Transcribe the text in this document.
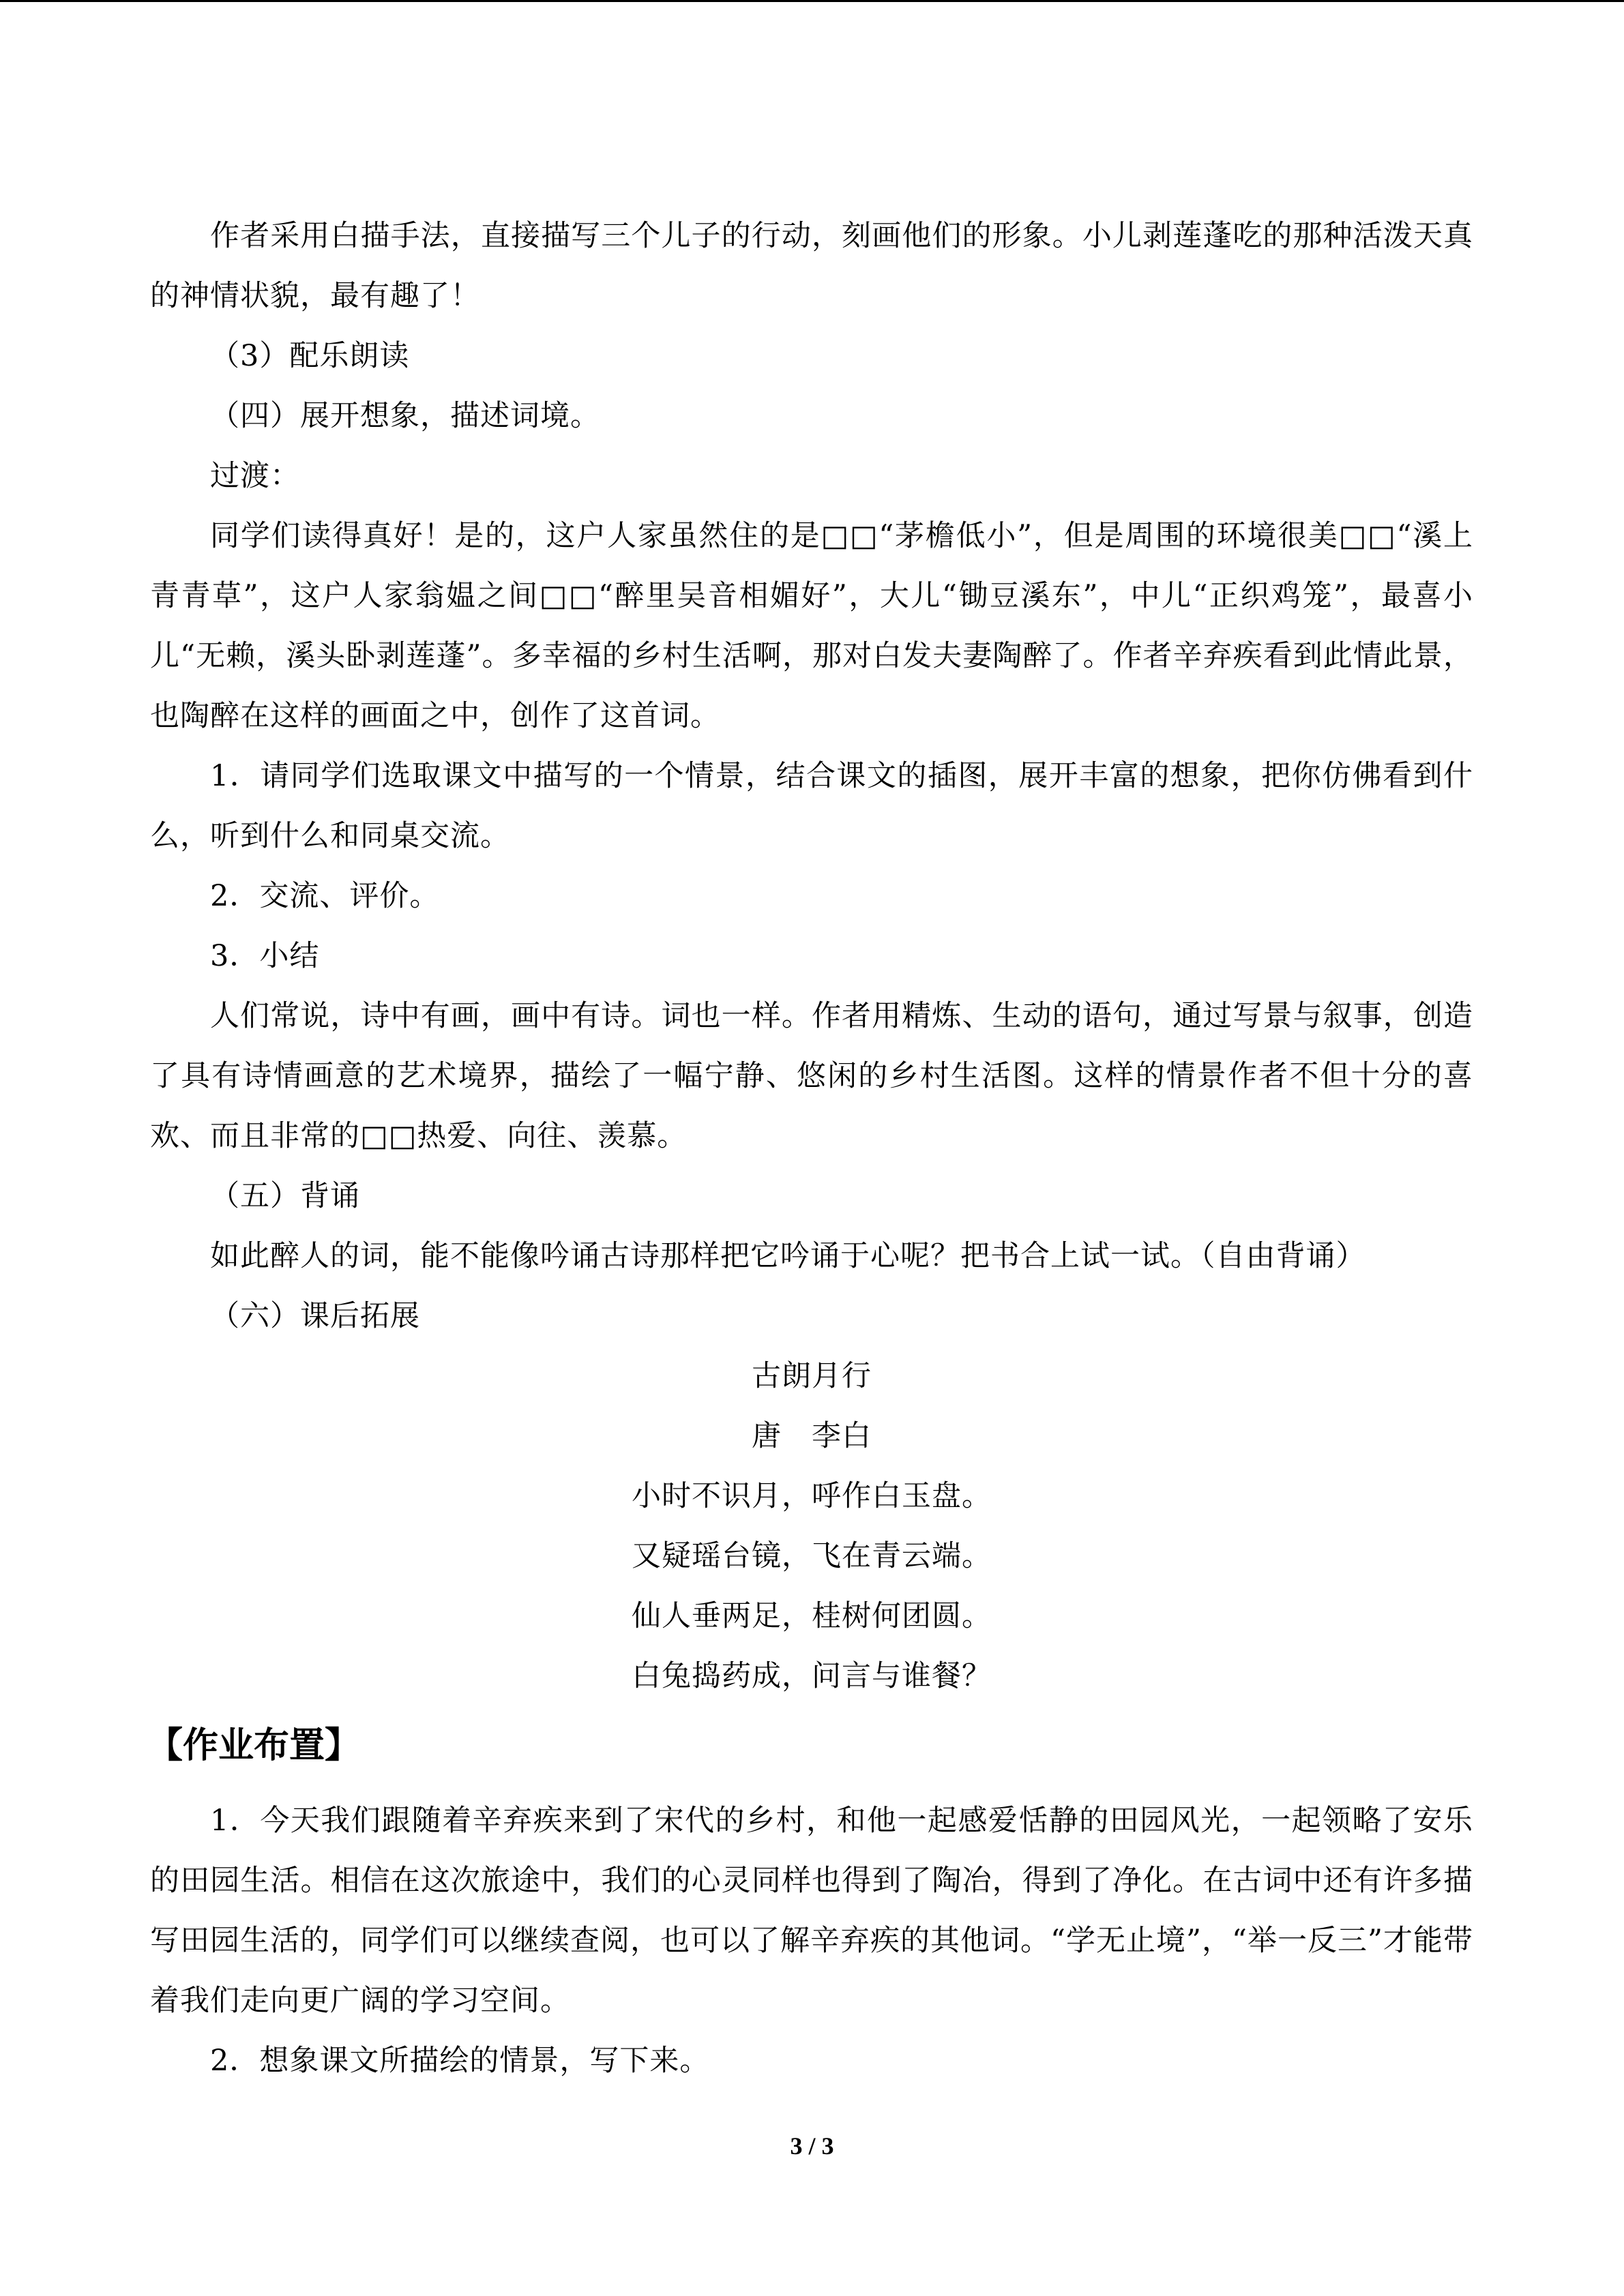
作者采用白描手法，直接描写三个儿子的行动，刻画他们的形象。小儿剥莲蓬吃的那种活泼天真的神情状貌，最有趣了！

（3）配乐朗读

（四）展开想象，描述词境。

过渡：

同学们读得真好！是的，这户人家虽然住的是□□“茅檐低小”，但是周围的环境很美□□“溪上青青草”，这户人家翁媪之间□□“醉里吴音相媚好”，大儿“锄豆溪东”，中儿“正织鸡笼”，最喜小儿“无赖，溪头卧剥莲蓬”。多幸福的乡村生活啊，那对白发夫妻陶醉了。作者辛弃疾看到此情此景，也陶醉在这样的画面之中，创作了这首词。

1．请同学们选取课文中描写的一个情景，结合课文的插图，展开丰富的想象，把你仿佛看到什么，听到什么和同桌交流。

2．交流、评价。

3．小结

人们常说，诗中有画，画中有诗。词也一样。作者用精炼、生动的语句，通过写景与叙事，创造了具有诗情画意的艺术境界，描绘了一幅宁静、悠闲的乡村生活图。这样的情景作者不但十分的喜欢、而且非常的□□热爱、向往、羡慕。

（五）背诵

如此醉人的词，能不能像吟诵古诗那样把它吟诵于心呢？把书合上试一试。（自由背诵）

（六）课后拓展

古朗月行

唐　李白

小时不识月，呼作白玉盘。

又疑瑶台镜，飞在青云端。

仙人垂两足，桂树何团圆。

白兔捣药成，问言与谁餐？

【作业布置】

1．今天我们跟随着辛弃疾来到了宋代的乡村，和他一起感爱恬静的田园风光，一起领略了安乐的田园生活。相信在这次旅途中，我们的心灵同样也得到了陶冶，得到了净化。在古词中还有许多描写田园生活的，同学们可以继续查阅，也可以了解辛弃疾的其他词。“学无止境”，“举一反三”才能带着我们走向更广阔的学习空间。

2．想象课文所描绘的情景，写下来。

3 / 3
